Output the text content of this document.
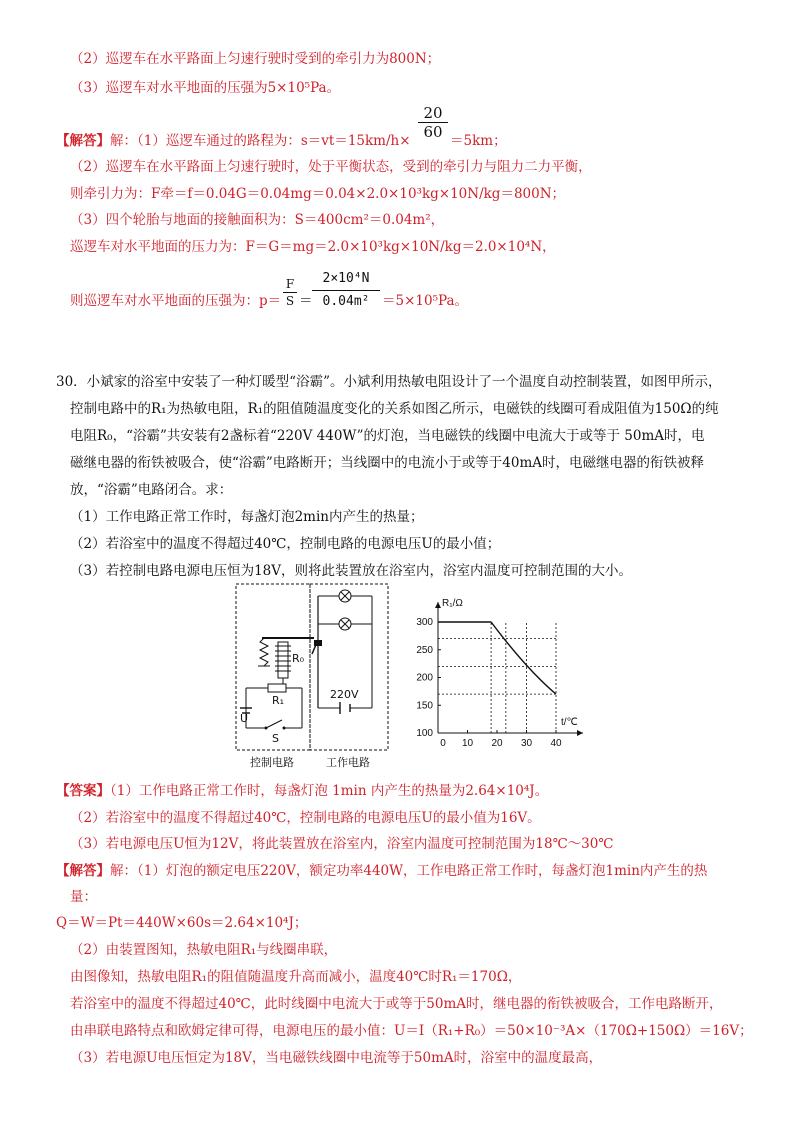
（2）巡逻车在水平路面上匀速行驶时受到的牵引力为800N；
（3）巡逻车对水平地面的压强为5×10⁵Pa。
【解答】解：（1）巡逻车通过的路程为：$s=vt=15km/h\times \frac{20}{60} =5km$；
（2）巡逻车在水平路面上匀速行驶时，处于平衡状态，受到的牵引力与阻力二力平衡，
则牵引力为：F牵＝f＝0.04G＝0.04mg＝0.04×2.0×10³kg×10N/kg＝800N；
（3）四个轮胎与地面的接触面积为：S＝400cm²＝0.04m²，
巡逻车对水平地面的压力为：F＝G＝mg＝2.0×10³kg×10N/kg＝2.0×10⁴N，
则巡逻车对水平地面的压强为：$p= \frac{F}{S} = \frac{\text{2×10⁴N}}{\text{0.04m²}} =5\times 10^5Pa$。
30．小斌家的浴室中安装了一种灯暖型“浴霸”。小斌利用热敏电阻设计了一个温度自动控制装置，如图甲所示，
控制电路中的R₁为热敏电阻，R₁的阻值随温度变化的关系如图乙所示，电磁铁的线圈可看成阻值为150Ω的纯
电阻R₀，“浴霸”共安装有2盏标着“220V 440W”的灯泡，当电磁铁的线圈中电流大于或等于 50mA时，电
磁继电器的衔铁被吸合，使“浴霸”电路断开；当线圈中的电流小于或等于40mA时，电磁继电器的衔铁被释
放，“浴霸”电路闭合。求：
（1）工作电路正常工作时，每盏灯泡2min内产生的热量；
（2）若浴室中的温度不得超过40℃，控制电路的电源电压U的最小值；
（3）若控制电路电源电压恒为18V，则将此装置放在浴室内，浴室内温度可控制范围的大小。
220V
R₀
R₁
U
S
控制电路	工作电路
100
150
200
250
300
10 20 30 40
0
R₁/Ω
t/℃
【答案】（1）工作电路正常工作时，每盏灯泡 1min 内产生的热量为2.64×10⁴J。
（2）若浴室中的温度不得超过40℃，控制电路的电源电压U的最小值为16V。
（3）若电源电压U恒为12V，将此装置放在浴室内，浴室内温度可控制范围为18℃～30℃
【解答】解：（1）灯泡的额定电压220V，额定功率440W，工作电路正常工作时，每盏灯泡1min内产生的热
量：
Q＝W＝Pt＝440W×60s＝2.64×10⁴J；
（2）由装置图知，热敏电阻R₁与线圈串联，
由图像知，热敏电阻R₁的阻值随温度升高而减小，温度40℃时R₁＝170Ω，
若浴室中的温度不得超过40℃，此时线圈中电流大于或等于50mA时，继电器的衔铁被吸合，工作电路断开，
由串联电路特点和欧姆定律可得，电源电压的最小值：U＝I（R₁+R₀）＝50×10⁻³A×（170Ω+150Ω）＝16V；
（3）若电源U电压恒定为18V，当电磁铁线圈中电流等于50mA时，浴室中的温度最高，
